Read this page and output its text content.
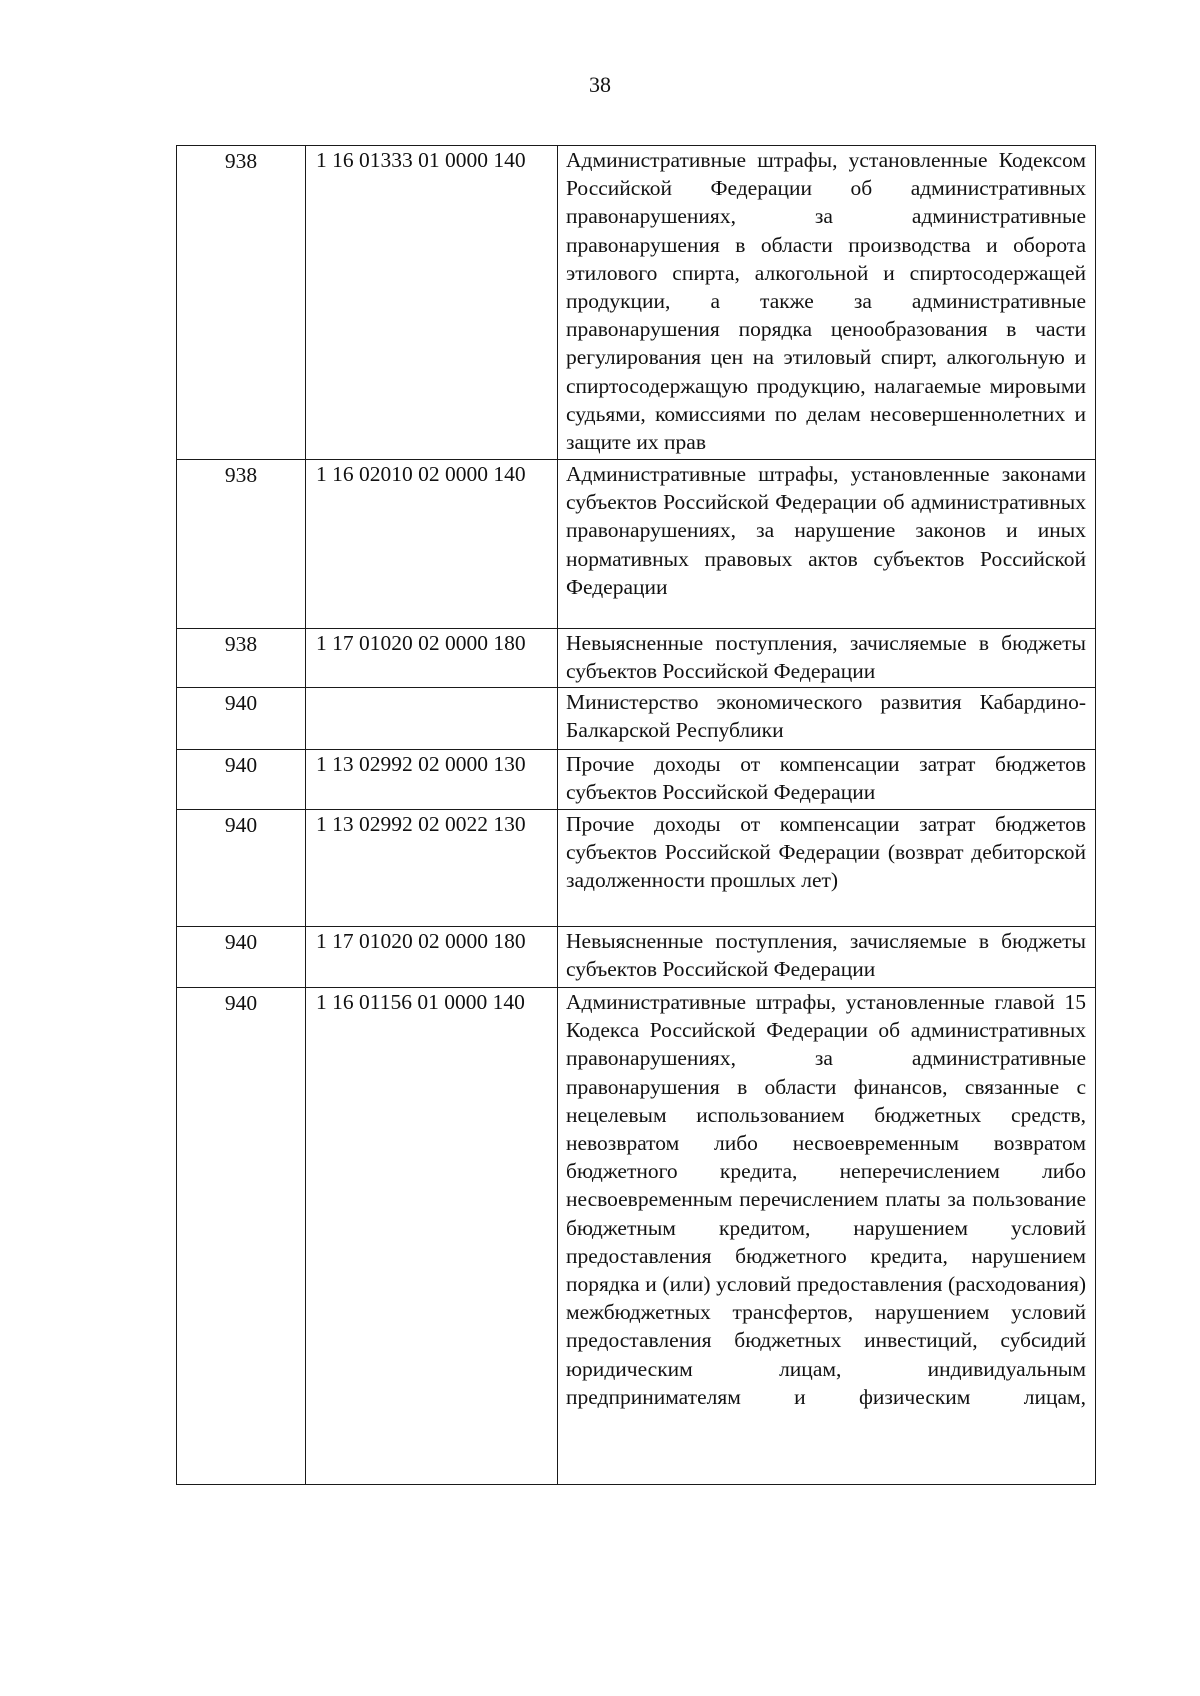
38
938	1 16 01333 01 0000 140	Административные штрафы, установленные Кодексом Российской Федерации об административных правонарушениях, за административные правонарушения в области производства и оборота этилового спирта, алкогольной и спиртосодержащей продукции, а также за административные правонарушения порядка ценообразования в части регулирования цен на этиловый спирт, алкогольную и спиртосодержащую продукцию, налагаемые мировыми судьями, комиссиями по делам несовершеннолетних и защите их прав
938	1 16 02010 02 0000 140	Административные штрафы, установленные законами субъектов Российской Федерации об административных правонарушениях, за нарушение законов и иных нормативных правовых актов субъектов Российской Федерации
938	1 17 01020 02 0000 180	Невыясненные поступления, зачисляемые в бюджеты субъектов Российской Федерации
940		Министерство экономического развития Кабардино-Балкарской Республики
940	1 13 02992 02 0000 130	Прочие доходы от компенсации затрат бюджетов субъектов Российской Федерации
940	1 13 02992 02 0022 130	Прочие доходы от компенсации затрат бюджетов субъектов Российской Федерации (возврат дебиторской задолженности прошлых лет)
940	1 17 01020 02 0000 180	Невыясненные поступления, зачисляемые в бюджеты субъектов Российской Федерации
940	1 16 01156 01 0000 140	Административные штрафы, установленные главой 15 Кодекса Российской Федерации об административных правонарушениях, за административные правонарушения в области финансов, связанные с нецелевым использованием бюджетных средств, невозвратом либо несвоевременным возвратом бюджетного кредита, неперечислением либо несвоевременным перечислением платы за пользование бюджетным кредитом, нарушением условий предоставления бюджетного кредита, нарушением порядка и (или) условий предоставления (расходования) межбюджетных трансфертов, нарушением условий предоставления бюджетных инвестиций, субсидий юридическим лицам, индивидуальным предпринимателям и физическим лицам,
